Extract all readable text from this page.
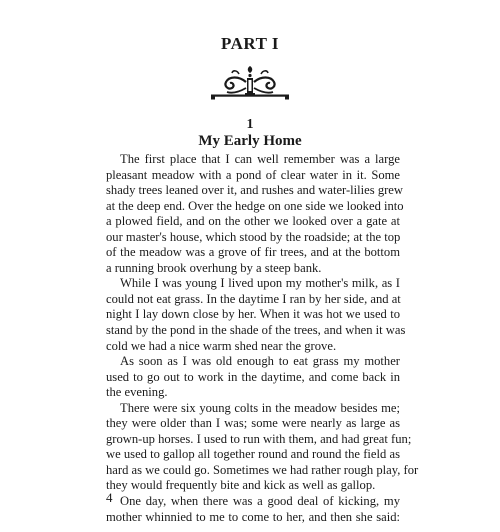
PART I
1
My Early Home
The first place that I can well remember was a large
pleasant meadow with a pond of clear water in it. Some
shady trees leaned over it, and rushes and water-lilies grew
at the deep end. Over the hedge on one side we looked into
a plowed field, and on the other we looked over a gate at
our master's house, which stood by the roadside; at the top
of the meadow was a grove of fir trees, and at the bottom
a running brook overhung by a steep bank.
While I was young I lived upon my mother's milk, as I
could not eat grass. In the daytime I ran by her side, and at
night I lay down close by her. When it was hot we used to
stand by the pond in the shade of the trees, and when it was
cold we had a nice warm shed near the grove.
As soon as I was old enough to eat grass my mother
used to go out to work in the daytime, and come back in
the evening.
There were six young colts in the meadow besides me;
they were older than I was; some were nearly as large as
grown-up horses. I used to run with them, and had great fun;
we used to gallop all together round and round the field as
hard as we could go. Sometimes we had rather rough play, for
they would frequently bite and kick as well as gallop.
One day, when there was a good deal of kicking, my
mother whinnied to me to come to her, and then she said:
4
